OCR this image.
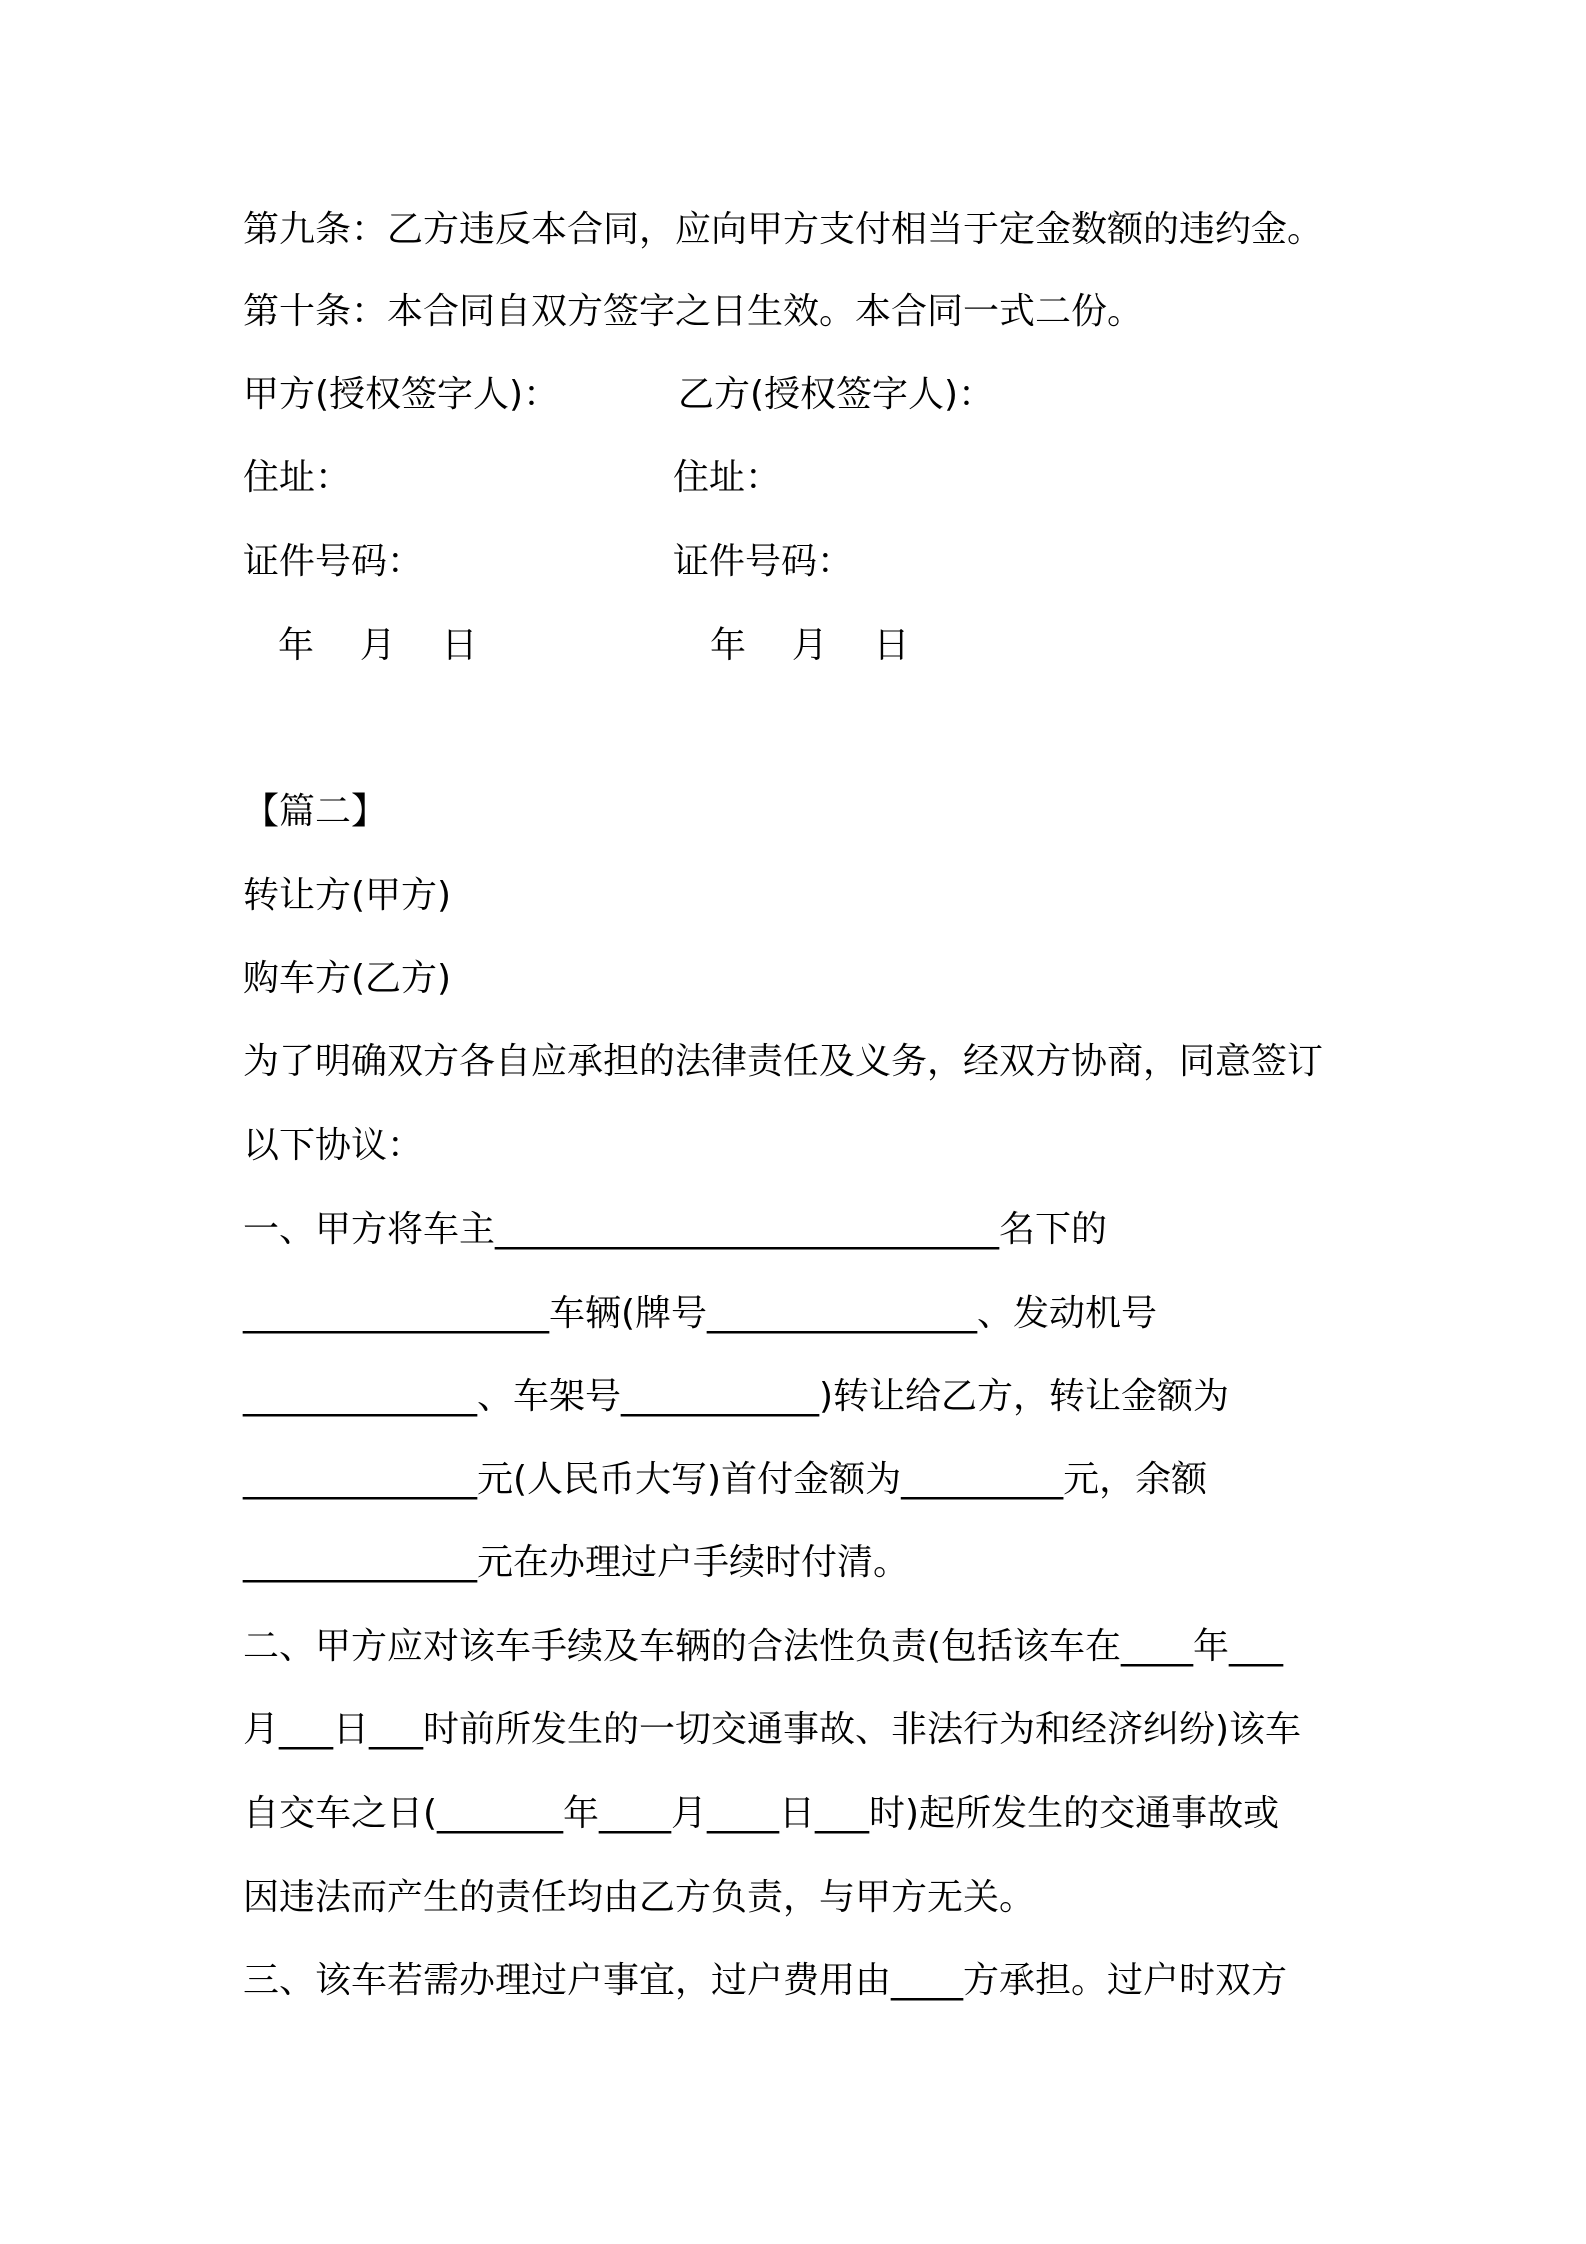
第九条：乙方违反本合同，应向甲方支付相当于定金数额的违约金。
第十条：本合同自双方签字之日生效。本合同一式二份。
甲方(授权签字人)：	乙方(授权签字人)：
住址：	住址：
证件号码：	证件号码：
年    月    日	年    月    日
【篇二】
转让方(甲方)
购车方(乙方)
为了明确双方各自应承担的法律责任及义务，经双方协商，同意签订
以下协议：
一、甲方将车主____________________________名下的
_________________车辆(牌号_______________、发动机号
_____________、车架号___________)转让给乙方，转让金额为
_____________元(人民币大写)首付金额为_________元，余额
_____________元在办理过户手续时付清。
二、甲方应对该车手续及车辆的合法性负责(包括该车在____年___
月___日___时前所发生的一切交通事故、非法行为和经济纠纷)该车
自交车之日(_______年____月____日___时)起所发生的交通事故或
因违法而产生的责任均由乙方负责，与甲方无关。
三、该车若需办理过户事宜，过户费用由____方承担。过户时双方
